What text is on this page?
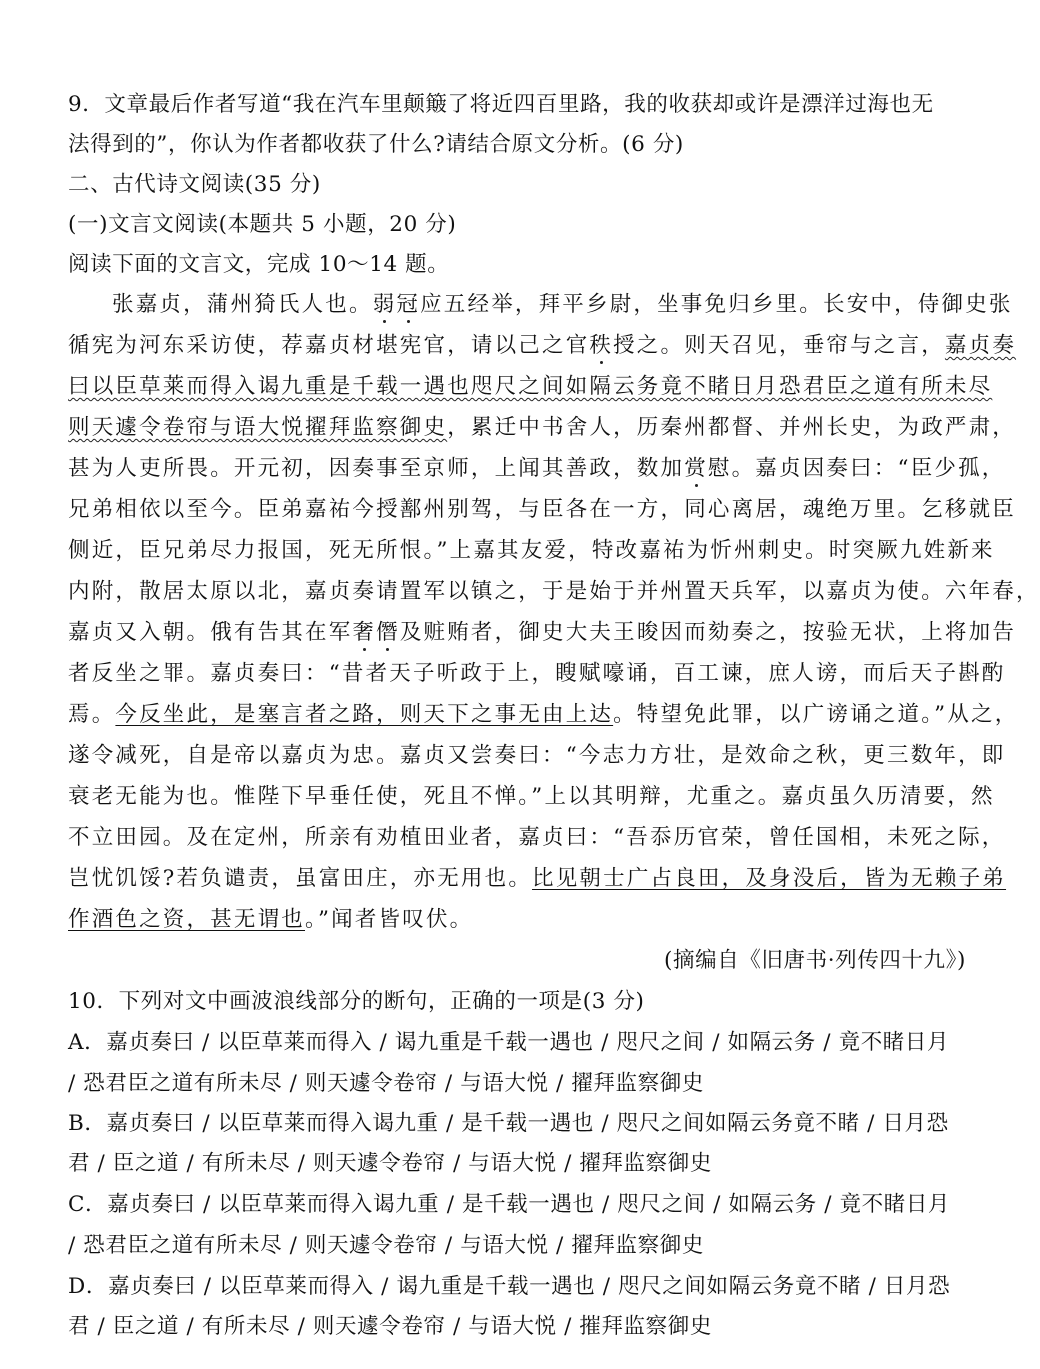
9．文章最后作者写道“我在汽车里颠簸了将近四百里路，我的收获却或许是漂洋过海也无
法得到的”，你认为作者都收获了什么?请结合原文分析。(6 分)
二、古代诗文阅读(35 分)
(一)文言文阅读(本题共 5 小题，20 分)
阅读下面的文言文，完成 10～14 题。
张嘉贞，蒲州猗氏人也。弱冠应五经举，拜平乡尉，坐事免归乡里。长安中，侍御史张
循宪为河东采访使，荐嘉贞材堪宪官，请以己之官秩授之。则天召见，垂帘与之言，嘉贞奏
曰以臣草莱而得入谒九重是千载一遇也咫尺之间如隔云务竟不睹日月恐君臣之道有所未尽
则天遽令卷帘与语大悦擢拜监察御史，累迁中书舍人，历秦州都督、并州长史，为政严肃，
甚为人吏所畏。开元初，因奏事至京师，上闻其善政，数加赏慰。嘉贞因奏曰：“臣少孤，
兄弟相依以至今。臣弟嘉祐今授鄯州别驾，与臣各在一方，同心离居，魂绝万里。乞移就臣
侧近，臣兄弟尽力报国，死无所恨。”上嘉其友爱，特改嘉祐为忻州刺史。时突厥九姓新来
内附，散居太原以北，嘉贞奏请置军以镇之，于是始于并州置天兵军，以嘉贞为使。六年春，
嘉贞又入朝。俄有告其在军奢僭及赃贿者，御史大夫王晙因而劾奏之，按验无状，上将加告
者反坐之罪。嘉贞奏曰：“昔者天子听政于上，瞍赋嚎诵，百工谏，庶人谤，而后天子斟酌
焉。今反坐此，是塞言者之路，则天下之事无由上达。特望免此罪，以广谤诵之道。”从之，
遂令减死，自是帝以嘉贞为忠。嘉贞又尝奏曰：“今志力方壮，是效命之秋，更三数年，即
衰老无能为也。惟陛下早垂任使，死且不惮。”上以其明辩，尤重之。嘉贞虽久历清要，然
不立田园。及在定州，所亲有劝植田业者，嘉贞曰：“吾忝历官荣，曾任国相，未死之际，
岂忧饥馁?若负谴责，虽富田庄，亦无用也。比见朝士广占良田，及身没后，皆为无赖子弟
作酒色之资，甚无谓也。”闻者皆叹伏。
(摘编自《旧唐书·列传四十九》)
10．下列对文中画波浪线部分的断句，正确的一项是(3 分)
A．嘉贞奏曰 / 以臣草莱而得入 / 谒九重是千载一遇也 / 咫尺之间 / 如隔云务 / 竟不睹日月
/ 恐君臣之道有所未尽 / 则天遽令卷帘 / 与语大悦 / 擢拜监察御史
B．嘉贞奏曰 / 以臣草莱而得入谒九重 / 是千载一遇也 / 咫尺之间如隔云务竟不睹 / 日月恐
君 / 臣之道 / 有所未尽 / 则天遽令卷帘 / 与语大悦 / 擢拜监察御史
C．嘉贞奏曰 / 以臣草莱而得入谒九重 / 是千载一遇也 / 咫尺之间 / 如隔云务 / 竟不睹日月
/ 恐君臣之道有所未尽 / 则天遽令卷帘 / 与语大悦 / 擢拜监察御史
D．嘉贞奏曰 / 以臣草莱而得入 / 谒九重是千载一遇也 / 咫尺之间如隔云务竟不睹 / 日月恐
君 / 臣之道 / 有所未尽 / 则天遽令卷帘 / 与语大悦 / 摧拜监察御史
